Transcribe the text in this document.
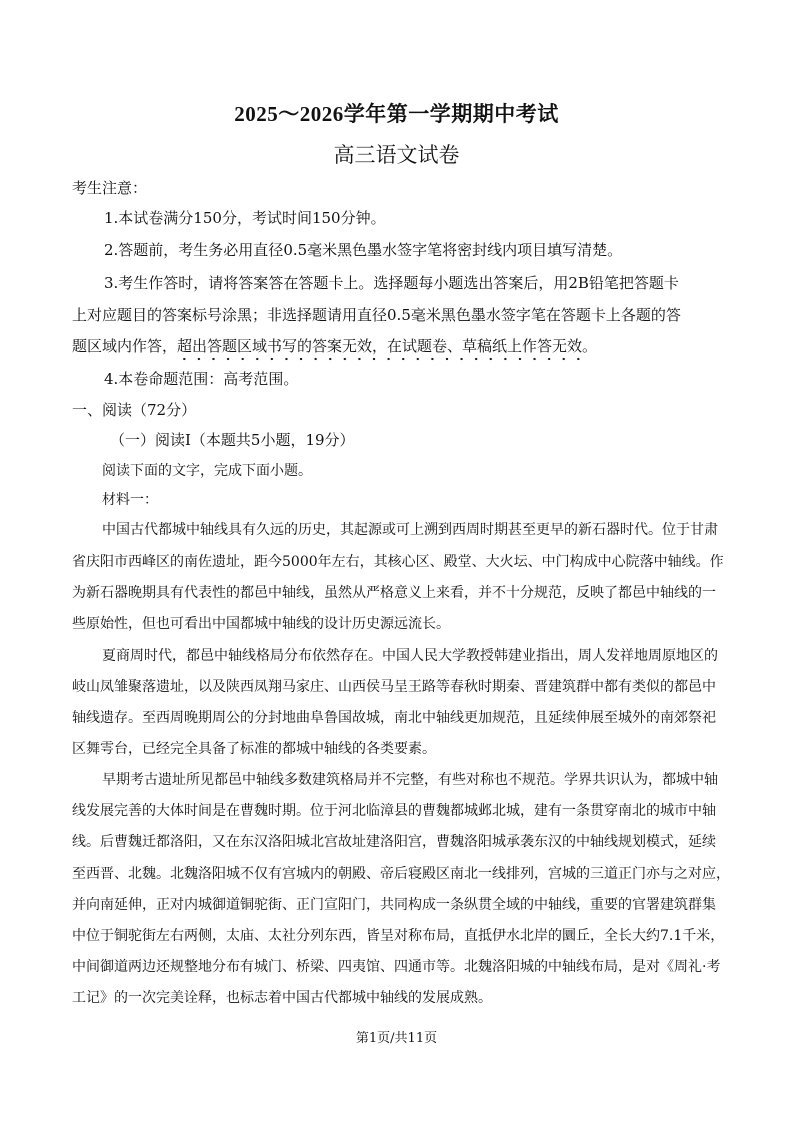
2025～2026学年第一学期期中考试
高三语文试卷
考生注意：
1.本试卷满分150分，考试时间150分钟。
2.答题前，考生务必用直径0.5毫米黑色墨水签字笔将密封线内项目填写清楚。
3.考生作答时，请将答案答在答题卡上。选择题每小题选出答案后，用2B铅笔把答题卡
上对应题目的答案标号涂黑；非选择题请用直径0.5毫米黑色墨水签字笔在答题卡上各题的答
题区域内作答，超出答题区域书写的答案无效，在试题卷、草稿纸上作答无效。
4.本卷命题范围：高考范围。
一、阅读（72分）
（一）阅读Ⅰ（本题共5小题，19分）
阅读下面的文字，完成下面小题。
材料一：
中国古代都城中轴线具有久远的历史，其起源或可上溯到西周时期甚至更早的新石器时代。位于甘肃
省庆阳市西峰区的南佐遗址，距今5000年左右，其核心区、殿堂、大火坛、中门构成中心院落中轴线。作
为新石器晚期具有代表性的都邑中轴线，虽然从严格意义上来看，并不十分规范，反映了都邑中轴线的一
些原始性，但也可看出中国都城中轴线的设计历史源远流长。
夏商周时代，都邑中轴线格局分布依然存在。中国人民大学教授韩建业指出，周人发祥地周原地区的
岐山凤雏聚落遗址，以及陕西凤翔马家庄、山西侯马呈王路等春秋时期秦、晋建筑群中都有类似的都邑中
轴线遗存。至西周晚期周公的分封地曲阜鲁国故城，南北中轴线更加规范，且延续伸展至城外的南郊祭祀
区舞雩台，已经完全具备了标准的都城中轴线的各类要素。
早期考古遗址所见都邑中轴线多数建筑格局并不完整，有些对称也不规范。学界共识认为，都城中轴
线发展完善的大体时间是在曹魏时期。位于河北临漳县的曹魏都城邺北城，建有一条贯穿南北的城市中轴
线。后曹魏迁都洛阳，又在东汉洛阳城北宫故址建洛阳宫，曹魏洛阳城承袭东汉的中轴线规划模式，延续
至西晋、北魏。北魏洛阳城不仅有宫城内的朝殿、帝后寝殿区南北一线排列，宫城的三道正门亦与之对应，
并向南延伸，正对内城御道铜驼街、正门宣阳门，共同构成一条纵贯全域的中轴线，重要的官署建筑群集
中位于铜驼街左右两侧，太庙、太社分列东西，皆呈对称布局，直抵伊水北岸的圜丘，全长大约7.1千米，
中间御道两边还规整地分布有城门、桥梁、四夷馆、四通市等。北魏洛阳城的中轴线布局，是对《周礼·考
工记》的一次完美诠释，也标志着中国古代都城中轴线的发展成熟。
第1页/共11页
